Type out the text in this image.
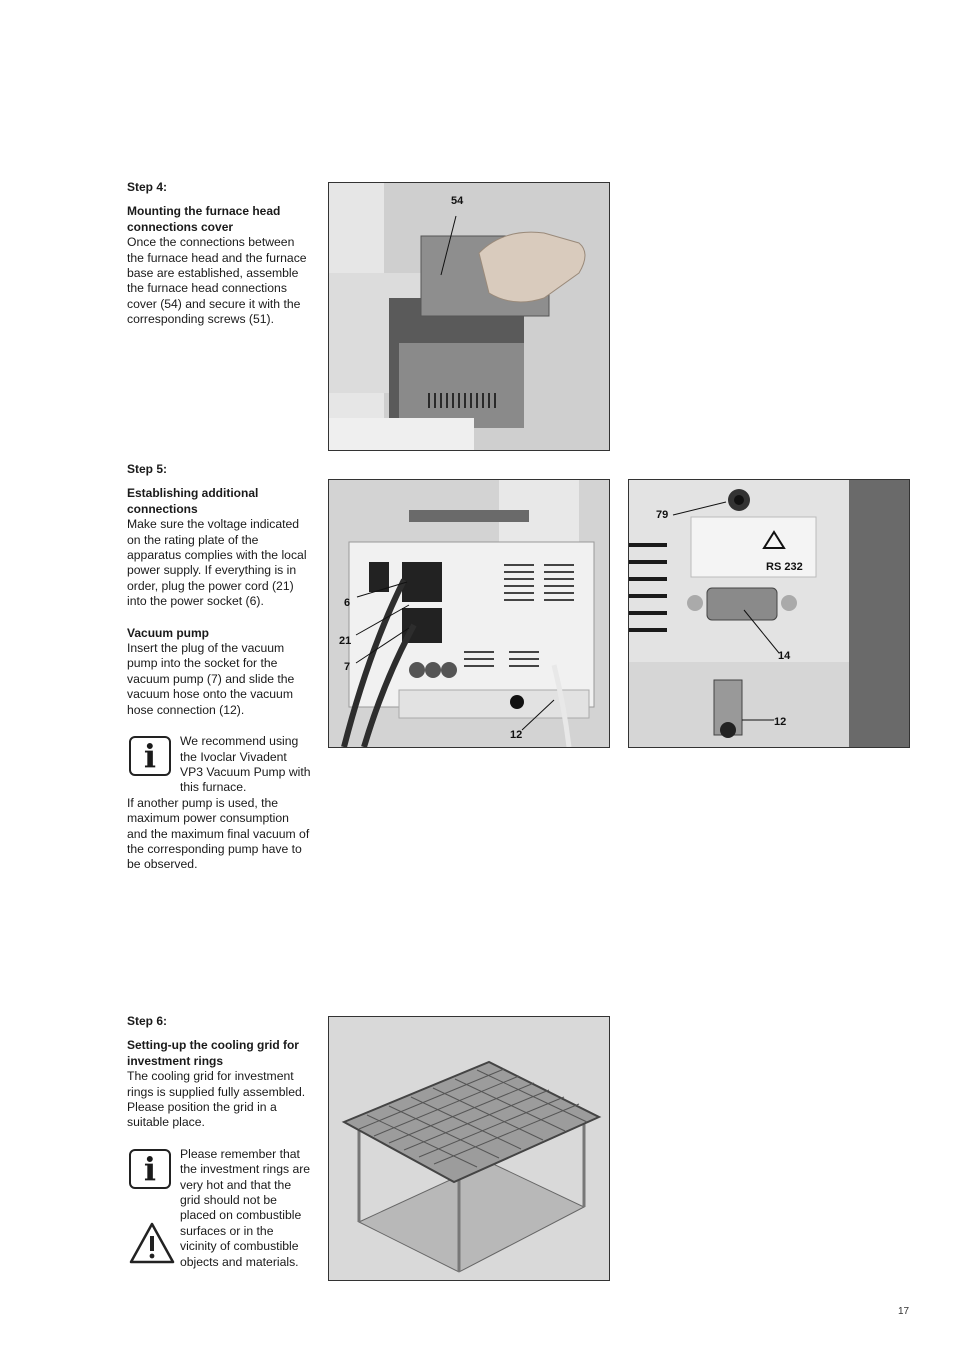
Step 4:

Mounting the furnace head connections cover

Once the connections between the furnace head and the furnace base are established, assemble the furnace head connections cover (54) and secure it with the corresponding screws (51).

54

Step 5:

Establishing additional connections

Make sure the voltage indicated on the rating plate of the apparatus complies with the local power supply. If everything is in order, plug the power cord (21) into the power socket (6).

Vacuum pump

Insert the plug of the vacuum pump into the socket for the vacuum pump (7) and slide the vacuum hose onto the vacuum hose connection (12).

i	We recommend using the Ivoclar Vivadent VP3 Vacuum Pump with this furnace.

If another pump is used, the maximum power consumption and the maximum final vacuum of the corresponding pump have to be observed.

6
21
7
12
RS 232
79
14
12

Step 6:

Setting-up the cooling grid for investment rings

The cooling grid for investment rings is supplied fully assembled. Please position the grid in a suitable place.

i	Please remember that the investment rings are very hot and that the grid should not be placed on combustible surfaces or in the vicinity of combustible objects and materials.

17
